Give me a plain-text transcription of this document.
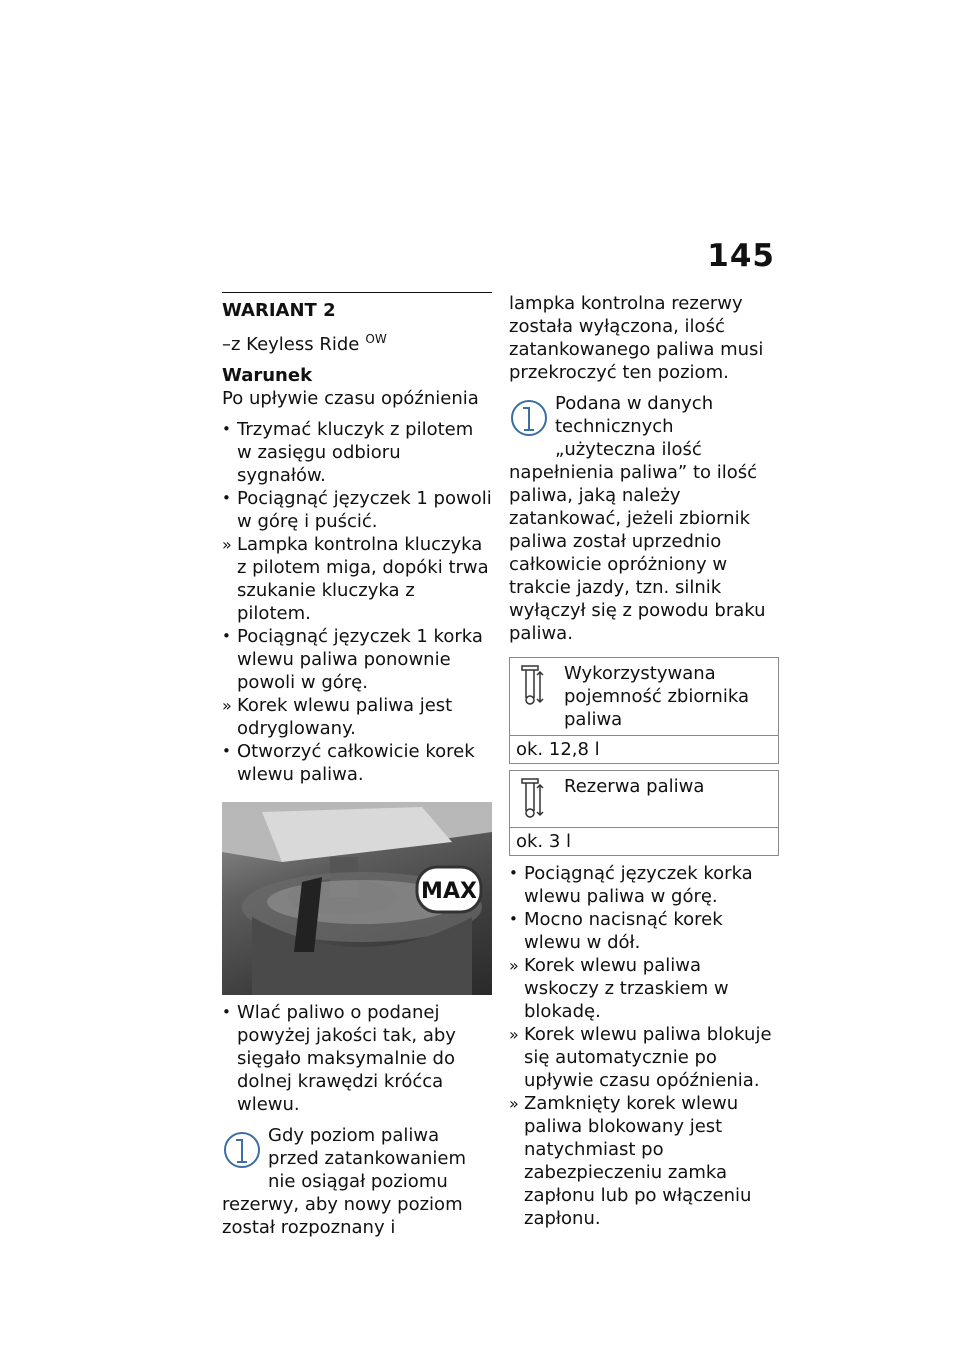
145
WARIANT 2
–z Keyless Ride $^{OW}$
Warunek

Po upływie czasu opóźnienia

• Trzymać kluczyk z pilotem w zasięgu odbioru sygnałów.
• Pociągnąć języczek 1 powoli w górę i puścić.
» Lampka kontrolna kluczyka z pilotem miga, dopóki trwa szukanie kluczyka z pilotem.
• Pociągnąć języczek 1 korka wlewu paliwa ponownie powoli w górę.
» Korek wlewu paliwa jest odryglowany.
• Otworzyć całkowicie korek wlewu paliwa.
MAX
• Wlać paliwo o podanej powyżej jakości tak, aby sięgało maksymalnie do dolnej krawędzi króćca wlewu.
Gdy poziom paliwa przed zatankowaniem nie osiągał poziomu rezerwy, aby nowy poziom został rozpoznany i

lampka kontrolna rezerwy została wyłączona, ilość zatankowanego paliwa musi przekroczyć ten poziom.

Podana w danych technicznych „użyteczna ilość napełnienia paliwa” to ilość paliwa, jaką należy zatankować, jeżeli zbiornik paliwa został uprzednio całkowicie opróżniony w trakcie jazdy, tzn. silnik wyłączył się z powodu braku paliwa.
Wykorzystywana pojemność zbiornika paliwa
ok. 12,8 l
Rezerwa paliwa
ok. 3 l
• Pociągnąć języczek korka wlewu paliwa w górę.
• Mocno nacisnąć korek wlewu w dół.
» Korek wlewu paliwa wskoczy z trzaskiem w blokadę.
» Korek wlewu paliwa blokuje się automatycznie po upływie czasu opóźnienia.
» Zamknięty korek wlewu paliwa blokowany jest natychmiast po zabezpieczeniu zamka zapłonu lub po włączeniu zapłonu.
